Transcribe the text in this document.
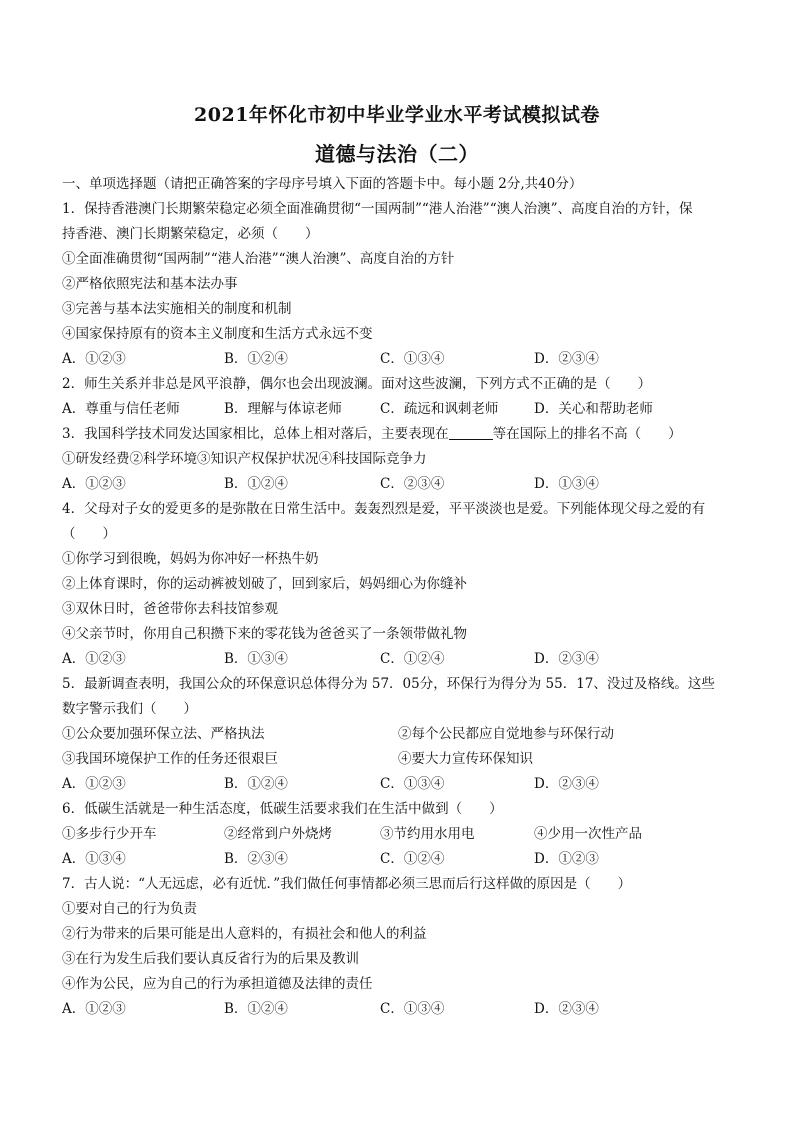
2021年怀化市初中毕业学业水平考试模拟试卷
道德与法治（二）
一、单项选择题（请把正确答案的字母序号填入下面的答题卡中。每小题 2分,共40分）
1．保持香港澳门长期繁荣稳定必须全面准确贯彻“一国两制”“港人治港”“澳人治澳”、高度自治的方针，保
持香港、澳门长期繁荣稳定，必须（　　）
①全面准确贯彻“国两制”“港人治港”“澳人治澳”、高度自治的方针
②严格依照宪法和基本法办事
③完善与基本法实施相关的制度和机制
④国家保持原有的资本主义制度和生活方式永远不变
A．①②③	B．①②④	C．①③④	D．②③④
2．师生关系并非总是风平浪静，偶尔也会出现波澜。面对这些波澜，下列方式不正确的是（　　）
A．尊重与信任老师	B．理解与体谅老师	C．疏远和讽刺老师	D．关心和帮助老师
3．我国科学技术同发达国家相比，总体上相对落后，主要表现在	等在国际上的排名不高（　　）
①研发经费②科学环境③知识产权保护状况④科技国际竞争力
A．①②③	B．①②④	C．②③④	D．①③④
4．父母对子女的爱更多的是弥散在日常生活中。轰轰烈烈是爱，平平淡淡也是爱。下列能体现父母之爱的有
（　　）
①你学习到很晚，妈妈为你冲好一杯热牛奶
②上体育课时，你的运动裤被划破了，回到家后，妈妈细心为你缝补
③双休日时，爸爸带你去科技馆参观
④父亲节时，你用自己积攒下来的零花钱为爸爸买了一条领带做礼物
A．①②③	B．①③④	C．①②④	D．②③④
5．最新调查表明，我国公众的环保意识总体得分为 57．05分，环保行为得分为 55．17、没过及格线。这些
数字警示我们（　　）
①公众要加强环保立法、严格执法	②每个公民都应自觉地参与环保行动
③我国环境保护工作的任务还很艰巨	④要大力宣传环保知识
A．①②③	B．①②④	C．①③④	D．②③④
6．低碳生活就是一种生活态度，低碳生活要求我们在生活中做到（　　）
①多步行少开车	②经常到户外烧烤	③节约用水用电	④少用一次性产品
A．①③④	B．②③④	C．①②④	D．①②③
7．古人说：“人无远虑，必有近忧．”我们做任何事情都必须三思而后行这样做的原因是（　　）
①要对自己的行为负责
②行为带来的后果可能是出人意料的，有损社会和他人的利益
③在行为发生后我们要认真反省行为的后果及教训
④作为公民，应为自己的行为承担道德及法律的责任
A．①②③	B．①②④	C．①③④	D．②③④
